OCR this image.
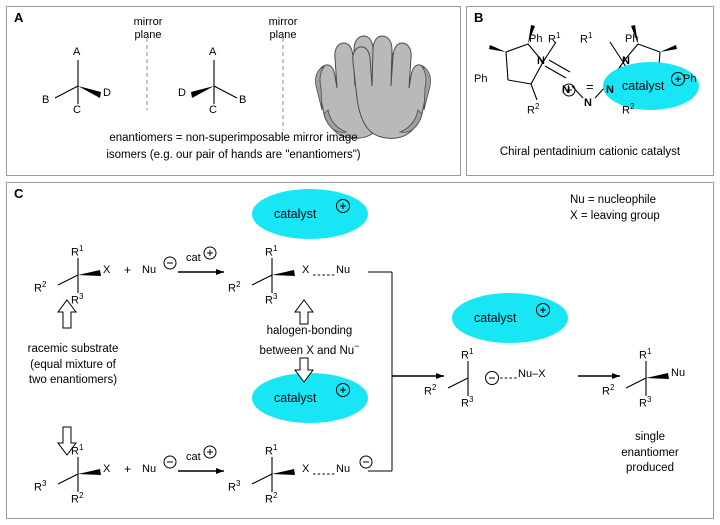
A	mirror
plane
mirror
plane
A
B
C
D
A
D
C
B
enantiomers = non-superimposable mirror image
isomers (e.g. our pair of hands are "enantiomers")
B
Ph	Ph
Ph	Ph
$R^1$ $R^1$
$R^2$	$R^2$
N
N
N
N
N
= catalyst
Chiral pentadinium cationic catalyst
C	Nu = nucleophile
X = leaving group
catalyst
catalyst
catalyst
$R^1$
$R^2$
$R^3$
X + Nu
cat	$R^1$
$R^2$
$R^3$
X Nu
$R^1$
$R^3$
$R^2$
X + Nu
cat	$R^1$
$R^3$
$R^2$
X Nu
$R^1$
$R^2$
$R^3$
Nu–X
$R^1$
$R^2$
$R^3$
Nu
racemic substrate
(equal mixture of
two enantiomers)
halogen-bonding
between X and Nu−
single
enantiomer
produced
